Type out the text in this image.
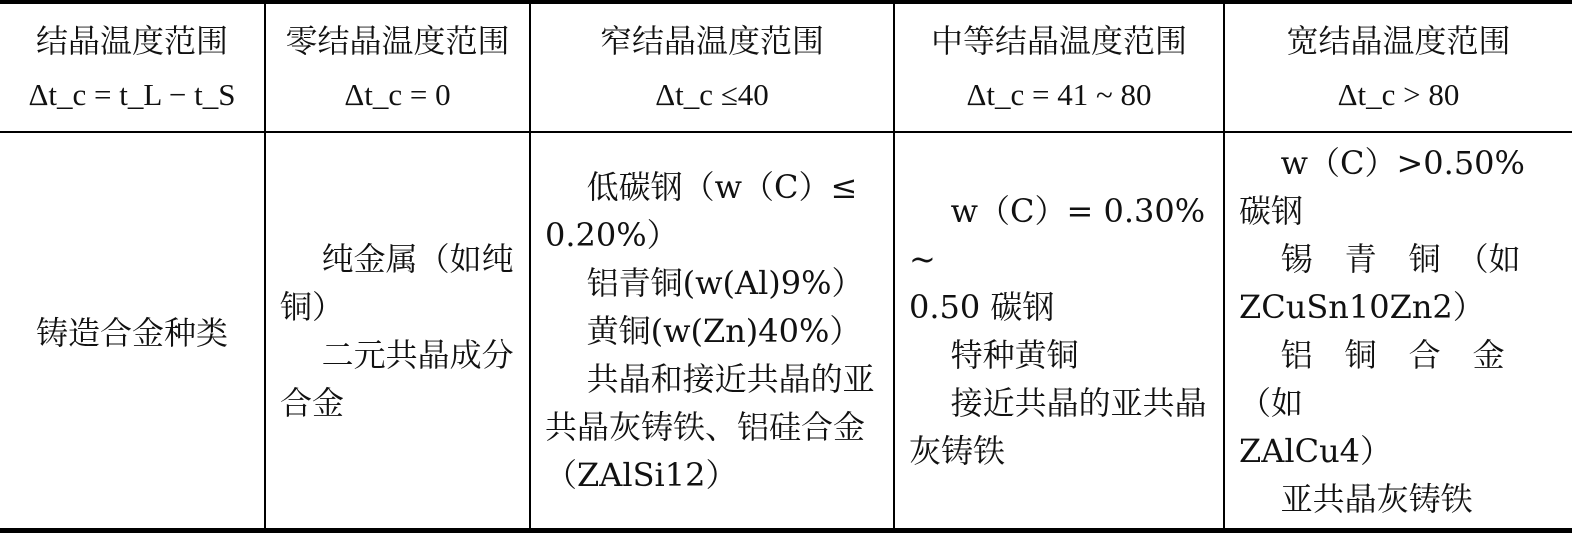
结晶温度范围
Δt_c = t_L − t_S
零结晶温度范围
Δt_c = 0
窄结晶温度范围
Δt_c ≤40
中等结晶温度范围
Δt_c = 41 ~ 80
宽结晶温度范围
Δt_c > 80
铸造合金种类

纯金属（如纯

铜）

二元共晶成分

合金

低碳钢（w（C）≤

0.20%）

铝青铜(w(Al)9%）

黄铜(w(Zn)40%）

共晶和接近共晶的亚

共晶灰铸铁、铝硅合金

（ZAlSi12）

w（C）= 0.30% ~

0.50 碳钢

特种黄铜

接近共晶的亚共晶

灰铸铁

w（C）>0.50% 碳钢

锡　青　铜　（如

ZCuSn10Zn2）

铝　铜　合　金　（如

ZAlCu4）

亚共晶灰铸铁
